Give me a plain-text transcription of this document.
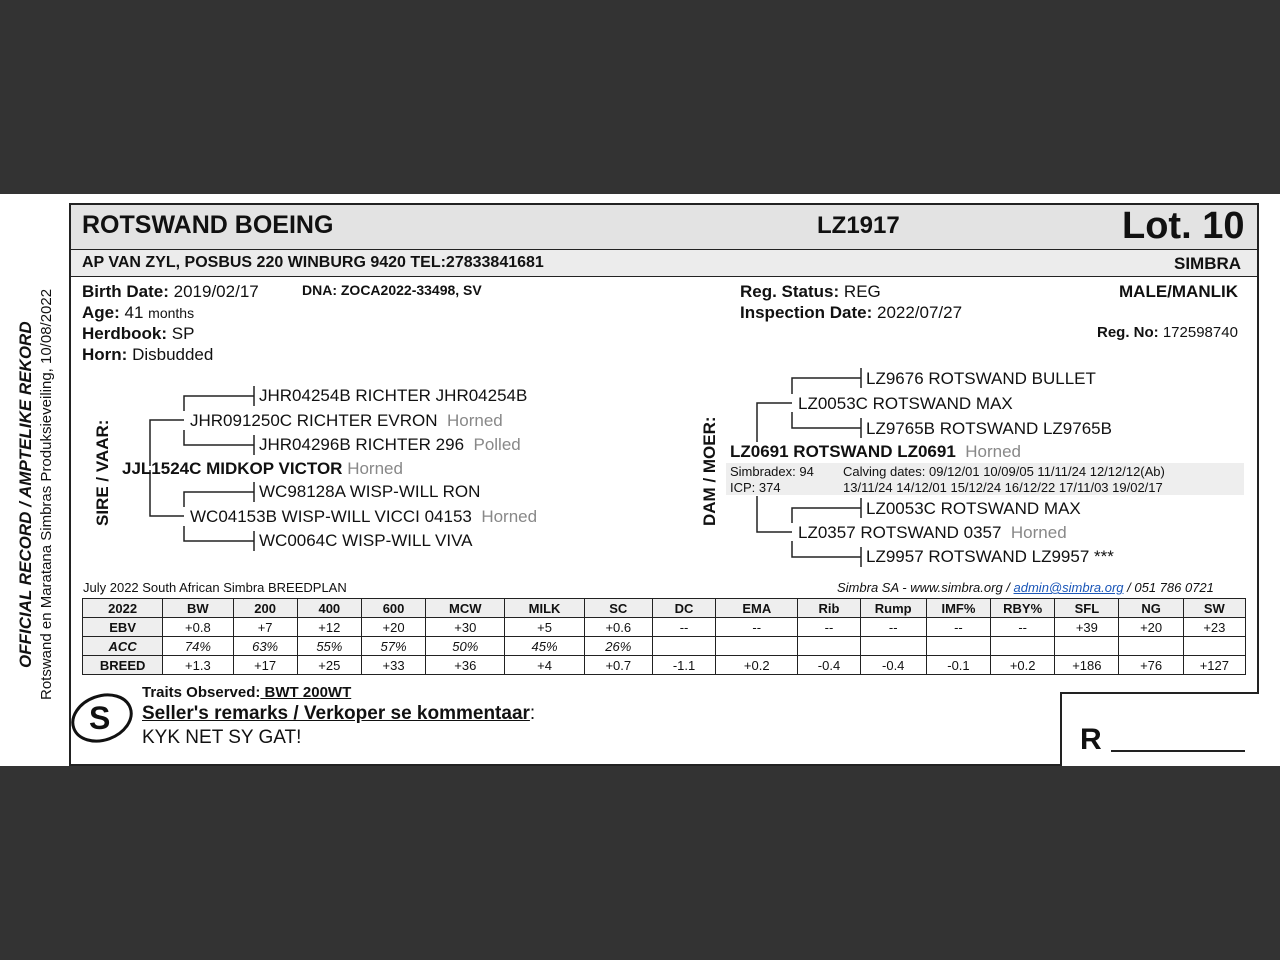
OFFICIAL RECORD / AMPTELIKE REKORD Rotswand en Maratana Simbras Produksieveiling, 10/08/2022
ROTSWAND BOEING	LZ1917	Lot. 10
AP VAN ZYL, POSBUS 220 WINBURG 9420 TEL:27833841681	SIMBRA
Birth Date: 2019/02/17	DNA: ZOCA2022-33498, SV
Age: 41 months
Herdbook: SP
Horn: Disbudded
Reg. Status: REG
Inspection Date: 2022/07/27
MALE/MANLIK
Reg. No: 172598740
SIRE / VAAR:
JHR04254B RICHTER JHR04254B
JHR091250C RICHTER EVRON Horned
JHR04296B RICHTER 296 Polled
JJL1524C MIDKOP VICTOR Horned
WC98128A WISP-WILL RON
WC04153B WISP-WILL VICCI 04153 Horned
WC0064C WISP-WILL VIVA
DAM / MOER:
LZ9676 ROTSWAND BULLET
LZ0053C ROTSWAND MAX
LZ9765B ROTSWAND LZ9765B
LZ0691 ROTSWAND LZ0691 Horned
Simbradex: 94
ICP: 374
Calving dates: 09/12/01 10/09/05 11/11/24 12/12/12(Ab)
13/11/24 14/12/01 15/12/24 16/12/22 17/11/03 19/02/17
LZ0053C ROTSWAND MAX
LZ0357 ROTSWAND 0357 Horned
LZ9957 ROTSWAND LZ9957 ***
July 2022 South African Simbra BREEDPLAN	Simbra SA - www.simbra.org / admin@simbra.org / 051 786 0721
2022	BW	200	400	600	MCW	MILK	SC	DC	EMA	Rib	Rump	IMF%	RBY%	SFL	NG	SW
EBV	+0.8	+7	+12	+20	+30	+5	+0.6	--	--	--	--	--	--	+39	+20	+23
ACC	74%	63%	55%	57%	50%	45%	26%									
BREED	+1.3	+17	+25	+33	+36	+4	+0.7	-1.1	+0.2	-0.4	-0.4	-0.1	+0.2	+186	+76	+127
Traits Observed: BWT 200WT
S Seller's remarks / Verkoper se kommentaar:
KYK NET SY GAT!	R
